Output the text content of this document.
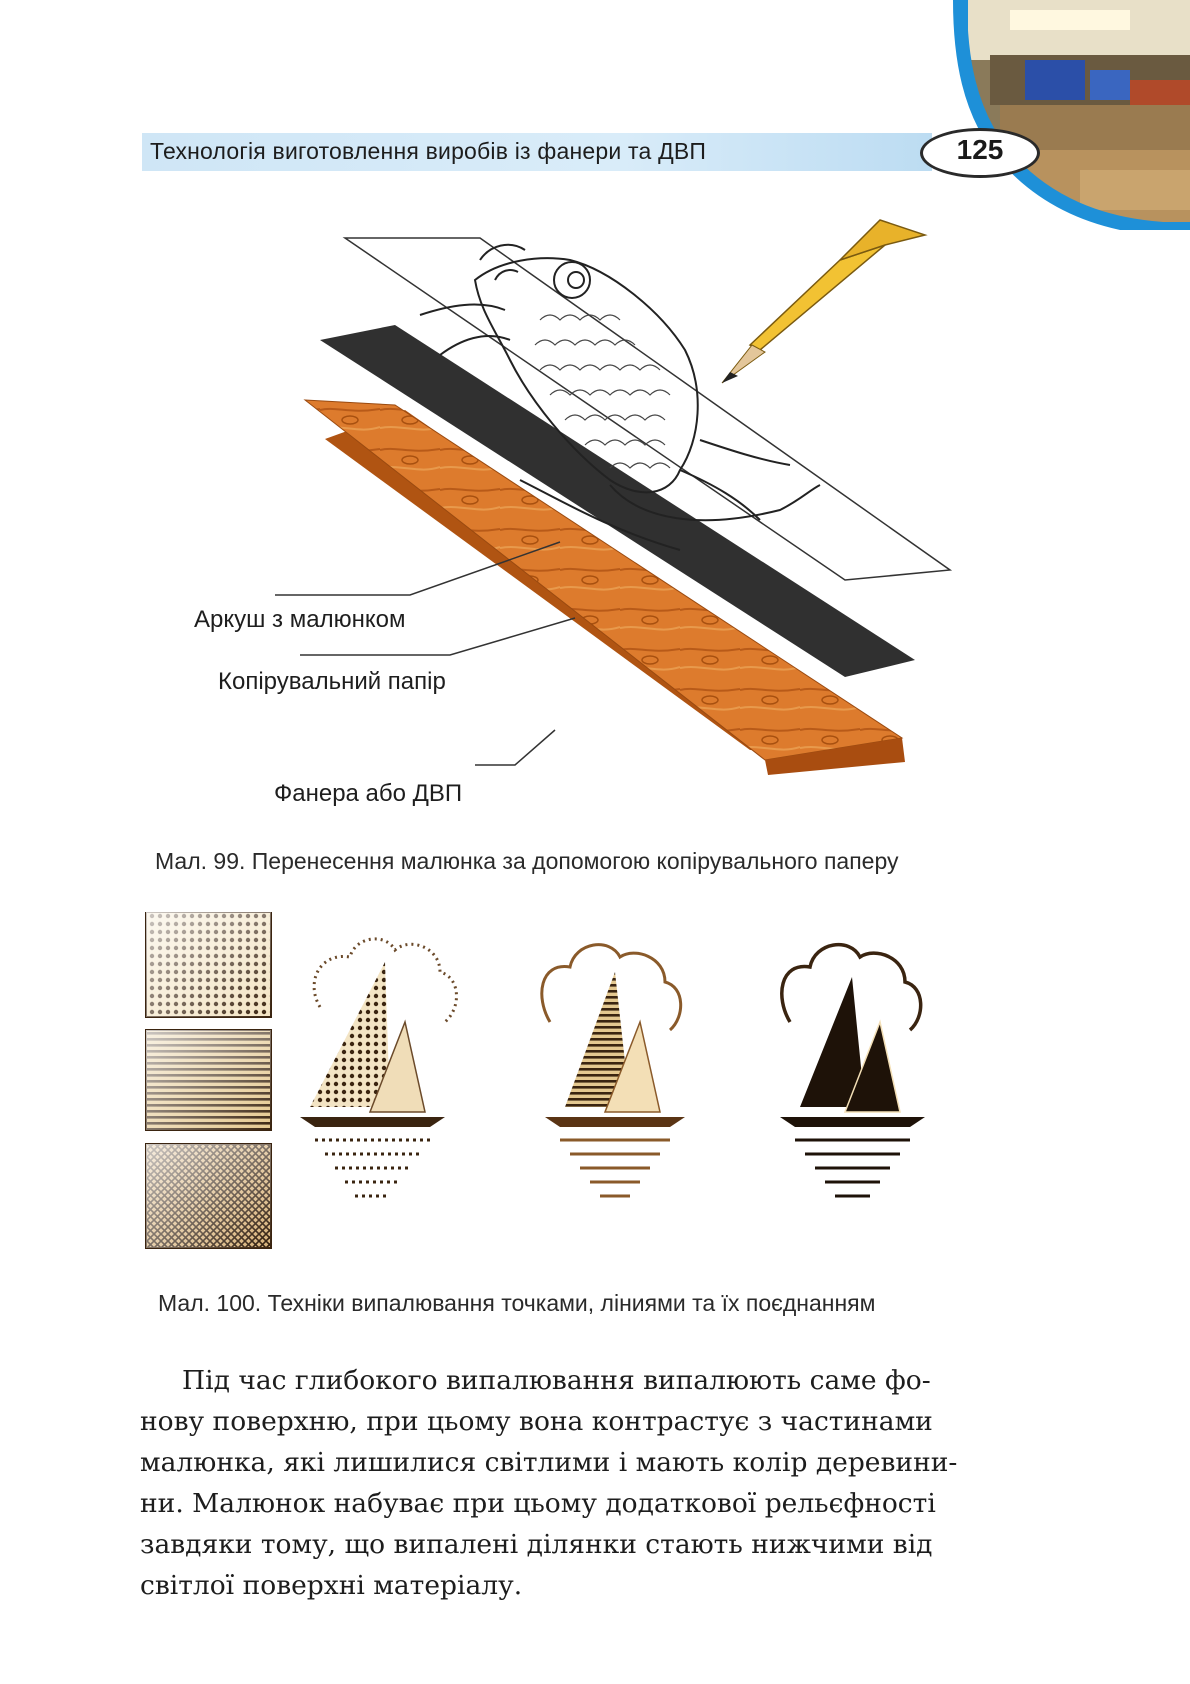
Технологія виготовлення виробів із фанери та ДВП	125
Аркуш з малюнком
Копірувальний папір
Фанера або ДВП
Мал. 99. Перенесення малюнка за допомогою копірувального паперу
Мал. 100. Техніки випалювання точками, ліниями та їх поєднанням
Під час глибокого випалювання випалюють саме фо-
нову поверхню, при цьому вона контрастує з частинами
малюнка, які лишилися світлими і мають колір деревини-
ни. Малюнок набуває при цьому додаткової рельєфності
завдяки тому, що випалені ділянки стають нижчими від
світлої поверхні матеріалу.
